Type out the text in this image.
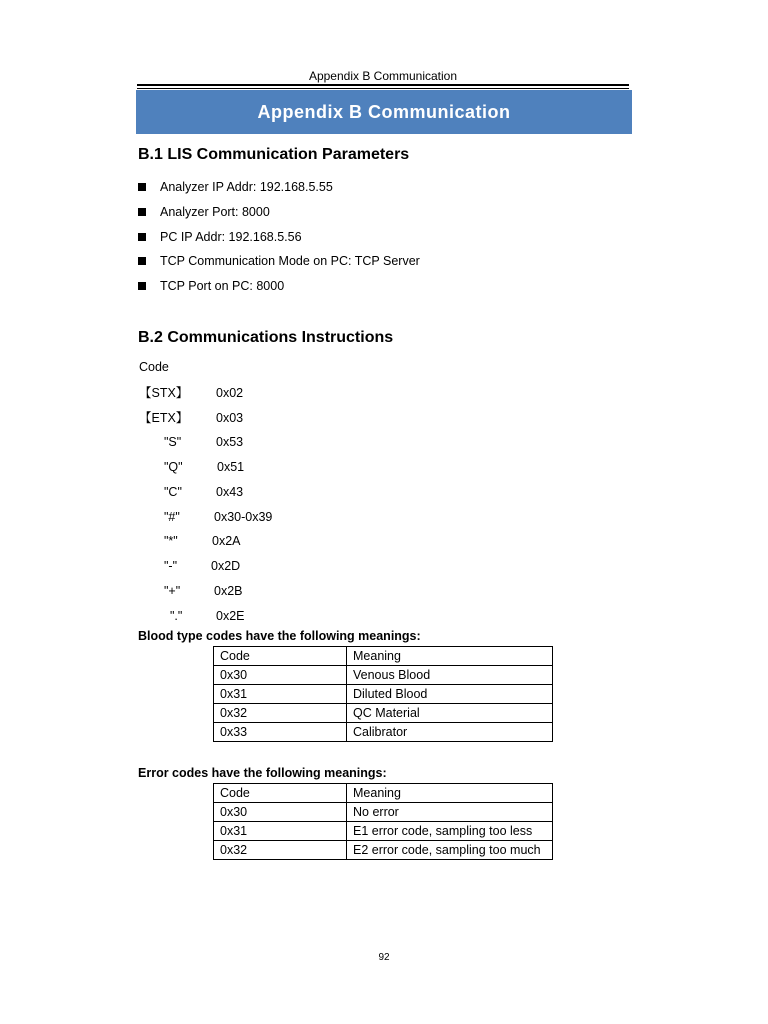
Appendix B Communication
Appendix B Communication
B.1 LIS Communication Parameters
Analyzer IP Addr: 192.168.5.55
Analyzer Port: 8000
PC IP Addr: 192.168.5.56
TCP Communication Mode on PC: TCP Server
TCP Port on PC: 8000
B.2 Communications Instructions
Code
【STX】 0x02
【ETX】 0x03
"S"	0x53
"Q"	0x51
"C"	0x43
"#"	0x30-0x39
"*"	0x2A
"-"	0x2D
"+"	0x2B
"."	0x2E
Blood type codes have the following meanings:
Code	Meaning
0x30	Venous Blood
0x31	Diluted Blood
0x32	QC Material
0x33	Calibrator
Error codes have the following meanings:
Code	Meaning
0x30	No error
0x31	E1 error code, sampling too less
0x32	E2 error code, sampling too much
92
